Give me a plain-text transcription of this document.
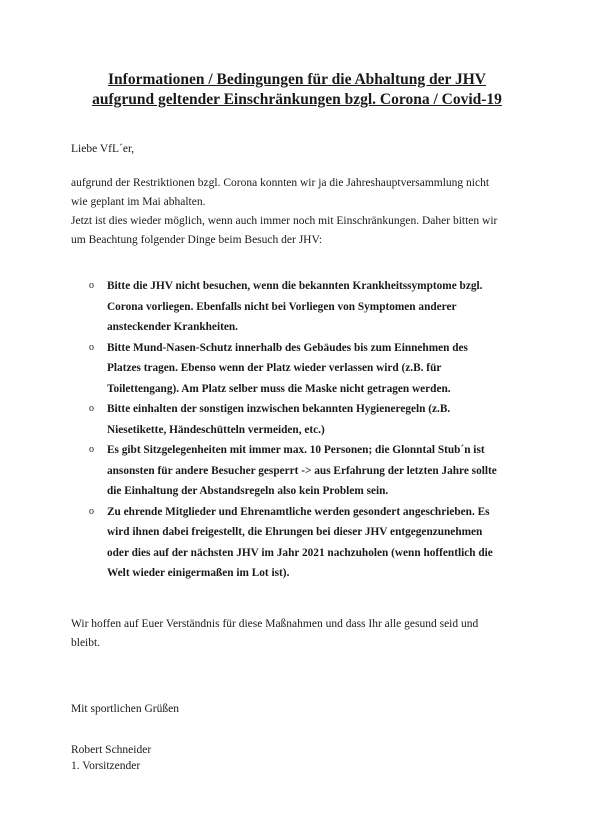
Informationen / Bedingungen für die Abhaltung der JHV
aufgrund geltender Einschränkungen bzgl. Corona / Covid-19
Liebe VfL´er,
aufgrund der Restriktionen bzgl. Corona konnten wir ja die Jahreshauptversammlung nicht
wie geplant im Mai abhalten.
Jetzt ist dies wieder möglich, wenn auch immer noch mit Einschränkungen. Daher bitten wir
um Beachtung folgender Dinge beim Besuch der JHV:
o Bitte die JHV nicht besuchen, wenn die bekannten Krankheitssymptome bzgl.
Corona vorliegen. Ebenfalls nicht bei Vorliegen von Symptomen anderer
ansteckender Krankheiten.
o Bitte Mund-Nasen-Schutz innerhalb des Gebäudes bis zum Einnehmen des
Platzes tragen. Ebenso wenn der Platz wieder verlassen wird (z.B. für
Toilettengang). Am Platz selber muss die Maske nicht getragen werden.
o Bitte einhalten der sonstigen inzwischen bekannten Hygieneregeln (z.B.
Niesetikette, Händeschütteln vermeiden, etc.)
o Es gibt Sitzgelegenheiten mit immer max. 10 Personen; die Glonntal Stub´n ist
ansonsten für andere Besucher gesperrt -> aus Erfahrung der letzten Jahre sollte
die Einhaltung der Abstandsregeln also kein Problem sein.
o Zu ehrende Mitglieder und Ehrenamtliche werden gesondert angeschrieben. Es
wird ihnen dabei freigestellt, die Ehrungen bei dieser JHV entgegenzunehmen
oder dies auf der nächsten JHV im Jahr 2021 nachzuholen (wenn hoffentlich die
Welt wieder einigermaßen im Lot ist).
Wir hoffen auf Euer Verständnis für diese Maßnahmen und dass Ihr alle gesund seid und
bleibt.
Mit sportlichen Grüßen
Robert Schneider
1. Vorsitzender
